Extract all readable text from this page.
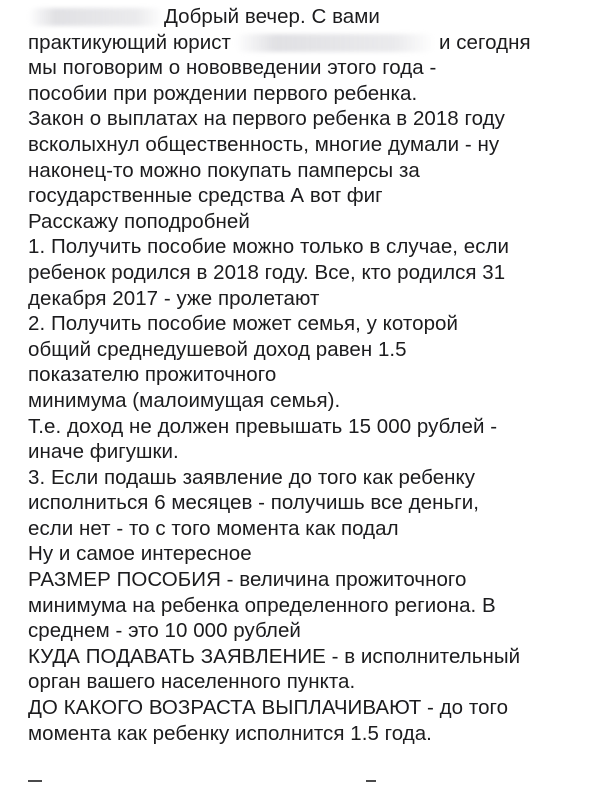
Добрый вечер. С вами
практикующий юрист	и сегодня
мы поговорим о нововведении этого года -
пособии при рождении первого ребенка.

Закон о выплатах на первого ребенка в 2018 году
всколыхнул общественность, многие думали - ну
наконец-то можно покупать памперсы за
государственные средства А вот фиг

Расскажу поподробней

1. Получить пособие можно только в случае, если
ребенок родился в 2018 году. Все, кто родился 31
декабря 2017 - уже пролетают

2. Получить пособие может семья, у которой
общий среднедушевой доход равен 1.5
показателю прожиточного
минимума (малоимущая семья).

Т.е. доход не должен превышать 15 000 рублей -
иначе фигушки.

3. Если подашь заявление до того как ребенку
исполниться 6 месяцев - получишь все деньги,
если нет - то с того момента как подал

Ну и самое интересное

РАЗМЕР ПОСОБИЯ - величина прожиточного
минимума на ребенка определенного региона. В
среднем - это 10 000 рублей

КУДА ПОДАВАТЬ ЗАЯВЛЕНИЕ - в исполнительный
орган вашего населенного пункта.

ДО КАКОГО ВОЗРАСТА ВЫПЛАЧИВАЮТ - до того
момента как ребенку исполнится 1.5 года.
